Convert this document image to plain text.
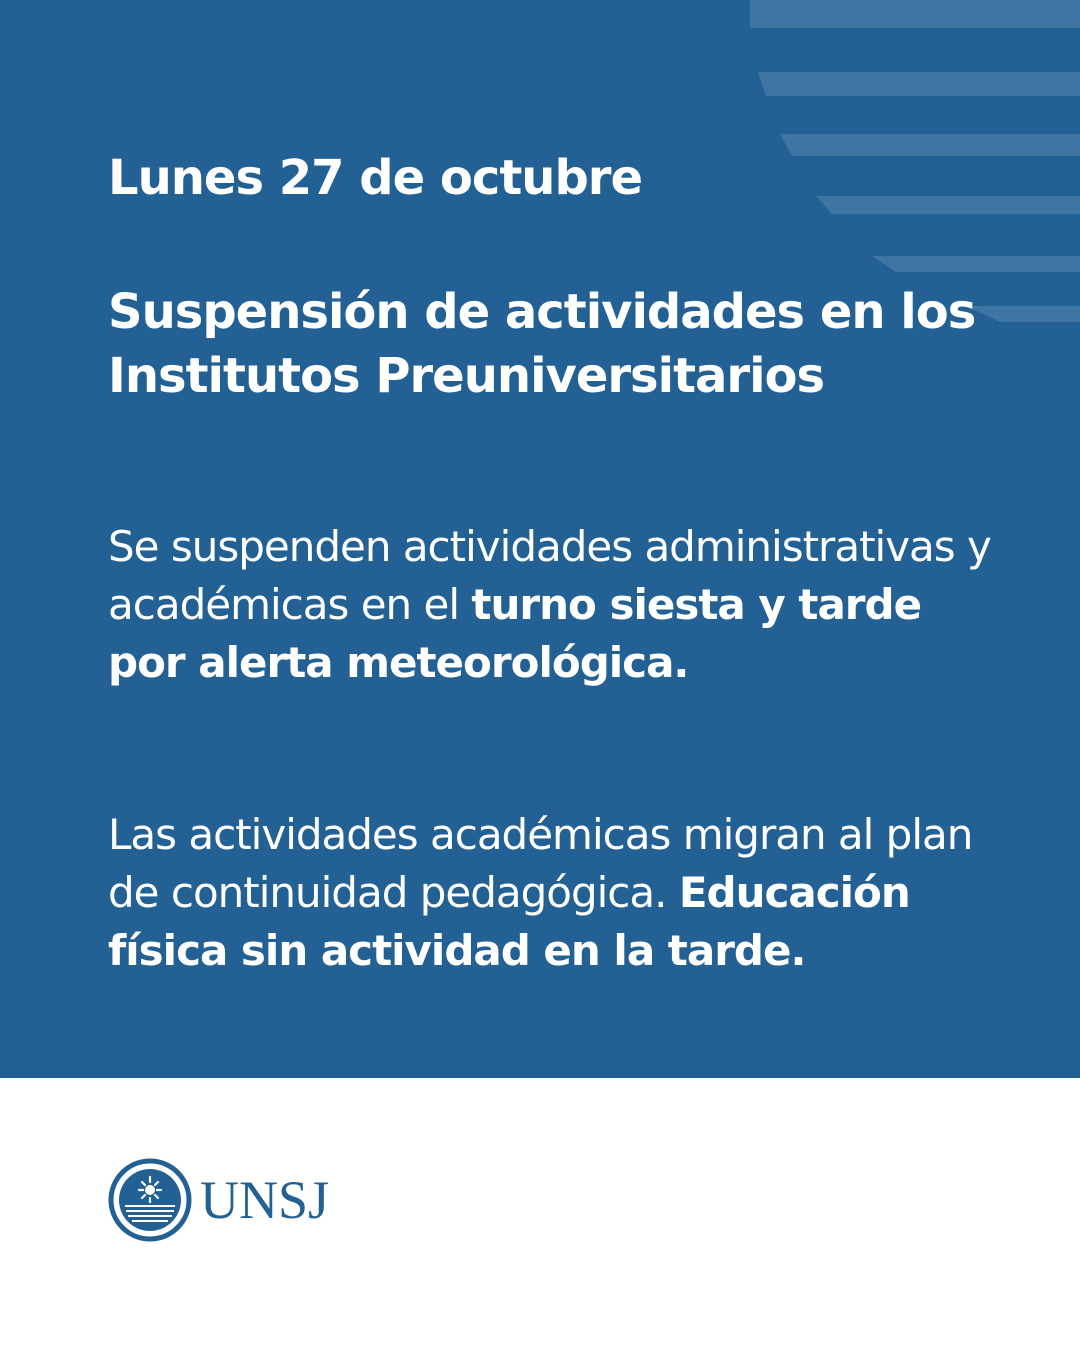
Lunes 27 de octubre
Suspensión de actividades en los Institutos Preuniversitarios

Se suspenden actividades administrativas y académicas en el turno siesta y tarde por alerta meteorológica.

Las actividades académicas migran al plan de continuidad pedagógica. Educación física sin actividad en la tarde.

UNSJ
